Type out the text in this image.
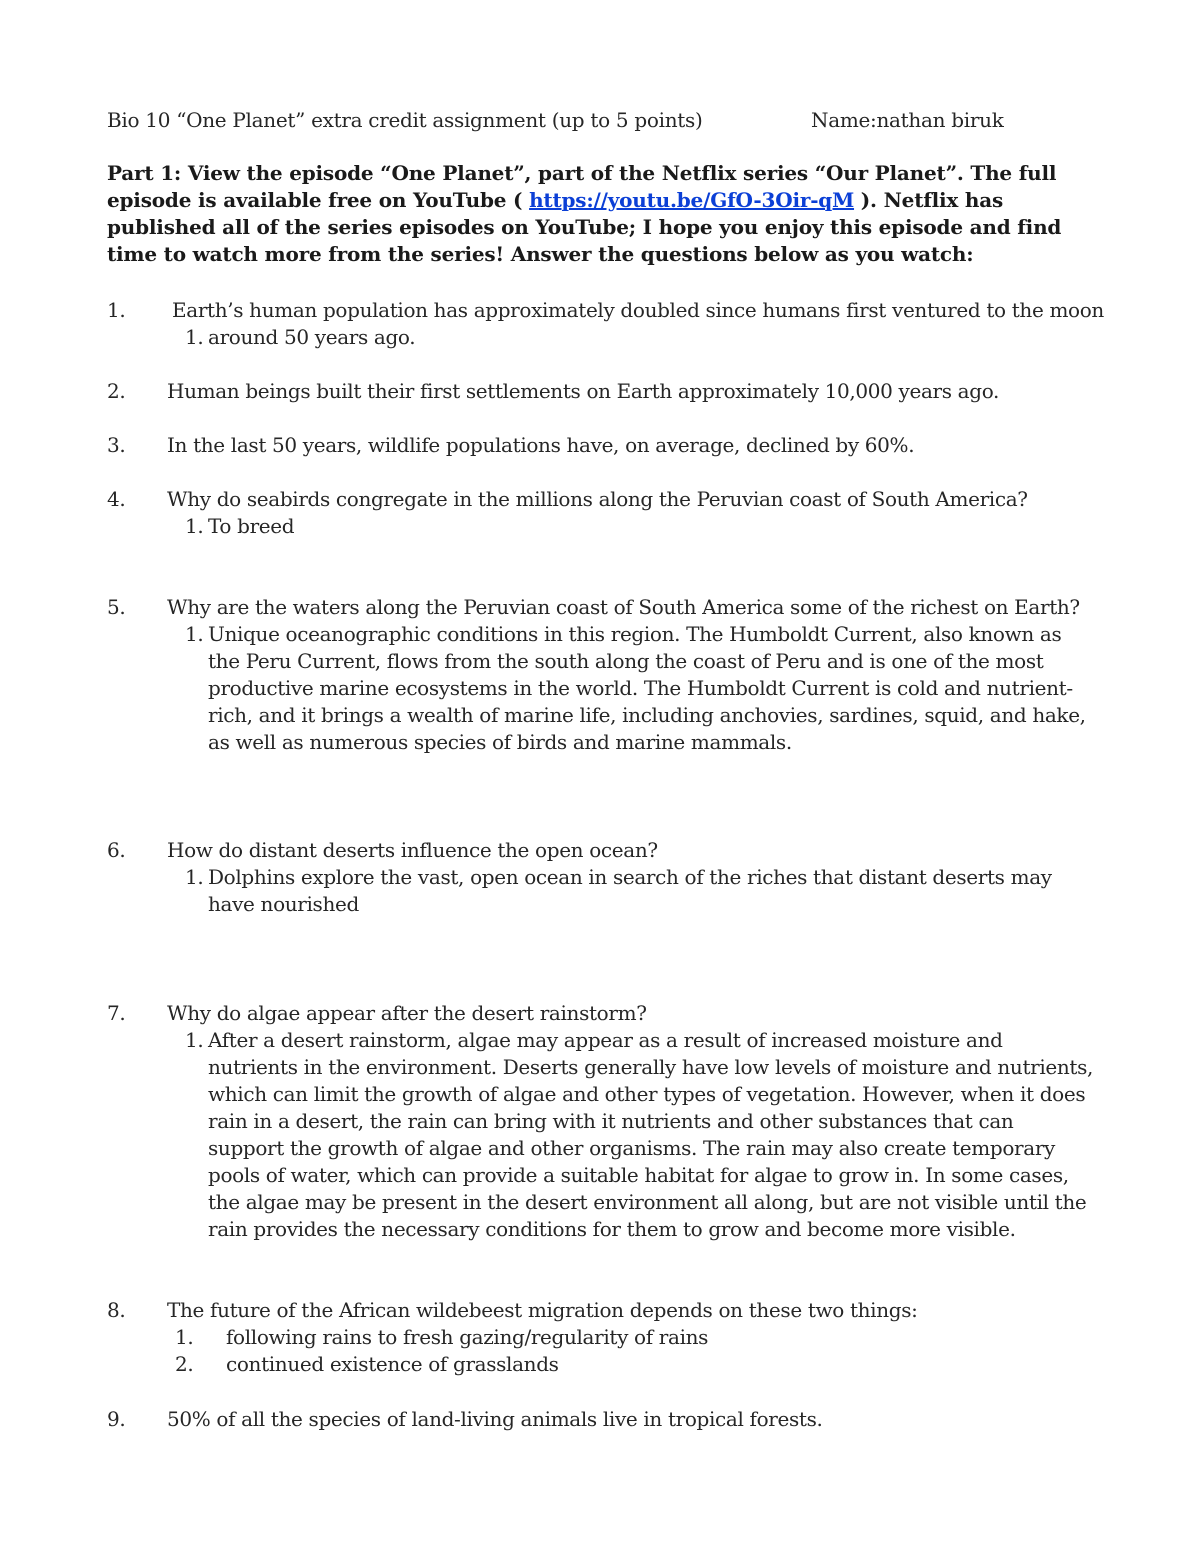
Bio 10 “One Planet” extra credit assignment (up to 5 points)	Name:nathan biruk
Part 1: View the episode “One Planet”, part of the Netflix series “Our Planet”. The full episode is available free on YouTube ( https://youtu.be/GfO-3Oir-qM ). Netflix has published all of the series episodes on YouTube; I hope you enjoy this episode and find time to watch more from the series! Answer the questions below as you watch:
1. Earth’s human population has approximately doubled since humans first ventured to the moon
1. around 50 years ago.
2. Human beings built their first settlements on Earth approximately 10,000 years ago.
3. In the last 50 years, wildlife populations have, on average, declined by 60%.
4. Why do seabirds congregate in the millions along the Peruvian coast of South America?
1. To breed
5. Why are the waters along the Peruvian coast of South America some of the richest on Earth?
1. Unique oceanographic conditions in this region. The Humboldt Current, also known as the Peru Current, flows from the south along the coast of Peru and is one of the most productive marine ecosystems in the world. The Humboldt Current is cold and nutrient-rich, and it brings a wealth of marine life, including anchovies, sardines, squid, and hake, as well as numerous species of birds and marine mammals.
6. How do distant deserts influence the open ocean?
1. Dolphins explore the vast, open ocean in search of the riches that distant deserts may have nourished
7. Why do algae appear after the desert rainstorm?
1. After a desert rainstorm, algae may appear as a result of increased moisture and nutrients in the environment. Deserts generally have low levels of moisture and nutrients, which can limit the growth of algae and other types of vegetation. However, when it does rain in a desert, the rain can bring with it nutrients and other substances that can support the growth of algae and other organisms. The rain may also create temporary pools of water, which can provide a suitable habitat for algae to grow in. In some cases, the algae may be present in the desert environment all along, but are not visible until the rain provides the necessary conditions for them to grow and become more visible.
8. The future of the African wildebeest migration depends on these two things:
1. following rains to fresh gazing/regularity of rains
2. continued existence of grasslands
9. 50% of all the species of land-living animals live in tropical forests.
